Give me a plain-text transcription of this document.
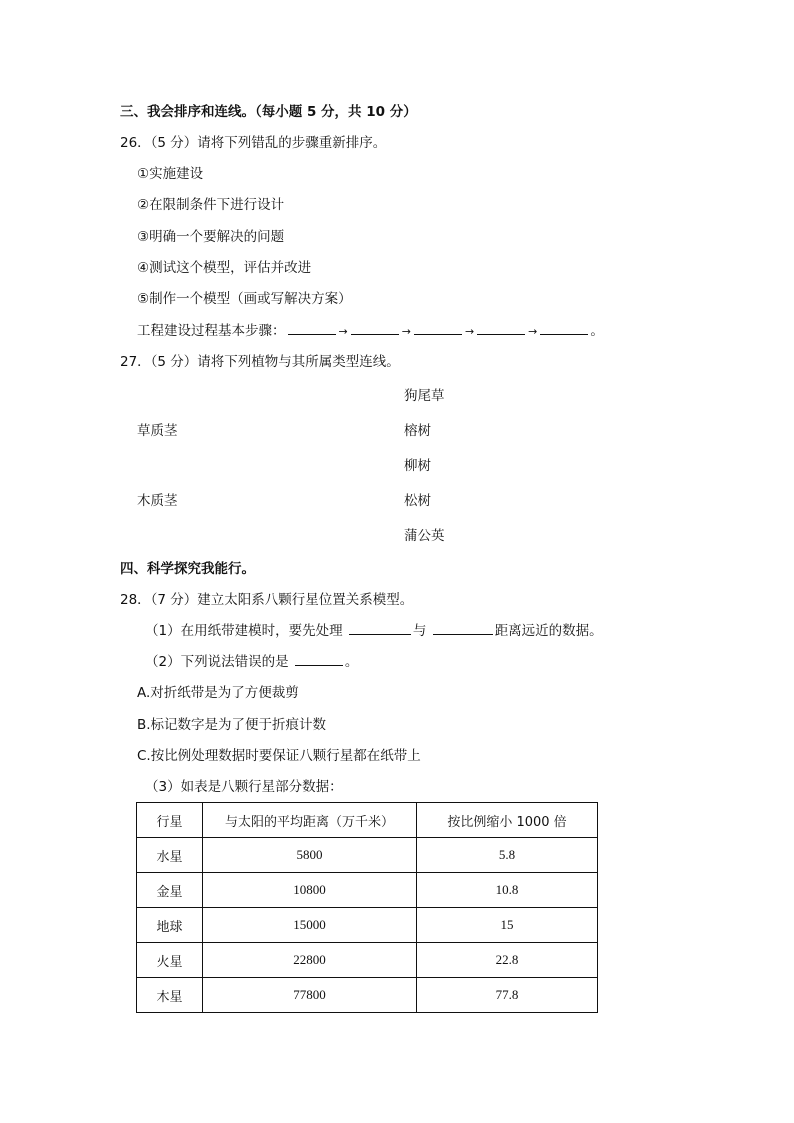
三、我会排序和连线。（每小题 5 分，共 10 分）
26．（5 分）请将下列错乱的步骤重新排序。
①实施建设
②在限制条件下进行设计
③明确一个要解决的问题
④测试这个模型，评估并改进
⑤制作一个模型（画或写解决方案）
工程建设过程基本步骤：	→	→	→	→	。
27．（5 分）请将下列植物与其所属类型连线。
狗尾草
草质茎	榕树
柳树
木质茎	松树
蒲公英
四、科学探究我能行。
28．（7 分）建立太阳系八颗行星位置关系模型。
（1）在用纸带建模时，要先处理	与	距离远近的数据。
（2）下列说法错误的是	。
A.对折纸带是为了方便裁剪
B.标记数字是为了便于折痕计数
C.按比例处理数据时要保证八颗行星都在纸带上
（3）如表是八颗行星部分数据：
行星	与太阳的平均距离（万千米）	按比例缩小 1000 倍
水星	5800	5.8
金星	10800	10.8
地球	15000	15
火星	22800	22.8
木星	77800	77.8
